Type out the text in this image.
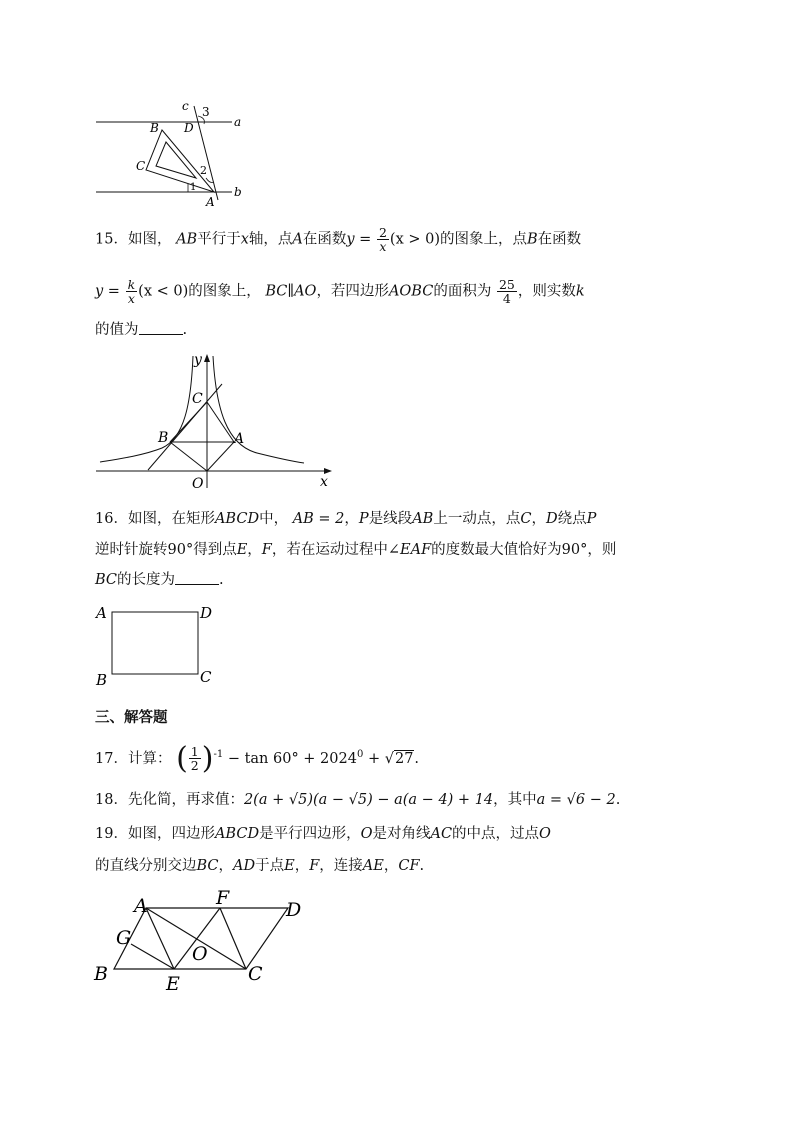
c 3
a
B D
C	2
1	b
A
15．如图， AB平行于x轴，点A在函数$y = \frac{2}{x} (x > 0)$的图象上，点B在函数
$y = \frac{k}{x} (x < 0)$的图象上， BC∥AO，若四边形AOBC的面积为 $\frac{25}{4}$ ，则实数k
的值为	.
y
C
B	A
O	x
16．如图，在矩形ABCD中， AB = 2，P是线段AB上一动点，点C，D绕点P
逆时针旋转90°得到点E，F，若在运动过程中∠EAF的度数最大值恰好为90°，则
BC的长度为	.
A	D
B	C
三、解答题
17．计算： ( $\frac{1}{2} )^{-1} - \tan 60^\circ + 2024^0 + √27$.
18．先化简，再求值：2(a + √5)(a − √5) − a(a − 4) + 14，其中a = √6 − 2.
19．如图，四边形ABCD是平行四边形，O是对角线AC的中点，过点O
的直线分别交边BC，AD于点E，F，连接AE，CF.
A	F
D
G
O
B	E	C
